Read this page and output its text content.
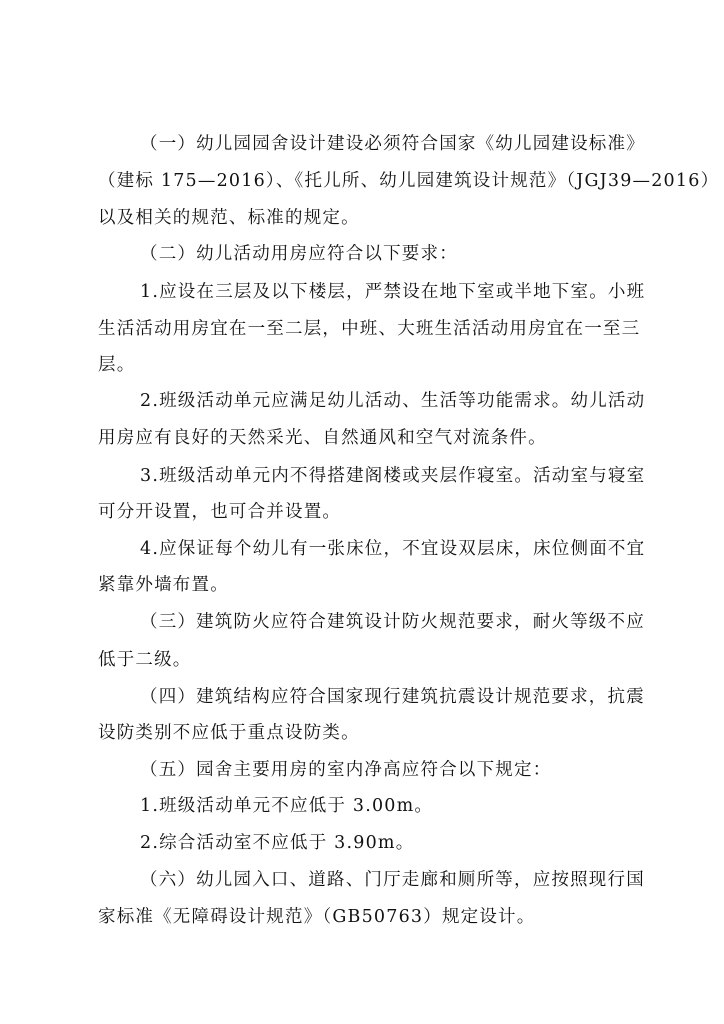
（一）幼儿园园舍设计建设必须符合国家《幼儿园建设标准》
（建标 175—2016）、《托儿所、幼儿园建筑设计规范》（JGJ39—2016）
以及相关的规范、标准的规定。
（二）幼儿活动用房应符合以下要求：
1.应设在三层及以下楼层，严禁设在地下室或半地下室。小班
生活活动用房宜在一至二层，中班、大班生活活动用房宜在一至三
层。
2.班级活动单元应满足幼儿活动、生活等功能需求。幼儿活动
用房应有良好的天然采光、自然通风和空气对流条件。
3.班级活动单元内不得搭建阁楼或夹层作寝室。活动室与寝室
可分开设置，也可合并设置。
4.应保证每个幼儿有一张床位，不宜设双层床，床位侧面不宜
紧靠外墙布置。
（三）建筑防火应符合建筑设计防火规范要求，耐火等级不应
低于二级。
（四）建筑结构应符合国家现行建筑抗震设计规范要求，抗震
设防类别不应低于重点设防类。
（五）园舍主要用房的室内净高应符合以下规定：
1.班级活动单元不应低于 3.00m。
2.综合活动室不应低于 3.90m。
（六）幼儿园入口、道路、门厅走廊和厕所等，应按照现行国
家标准《无障碍设计规范》（GB50763）规定设计。
